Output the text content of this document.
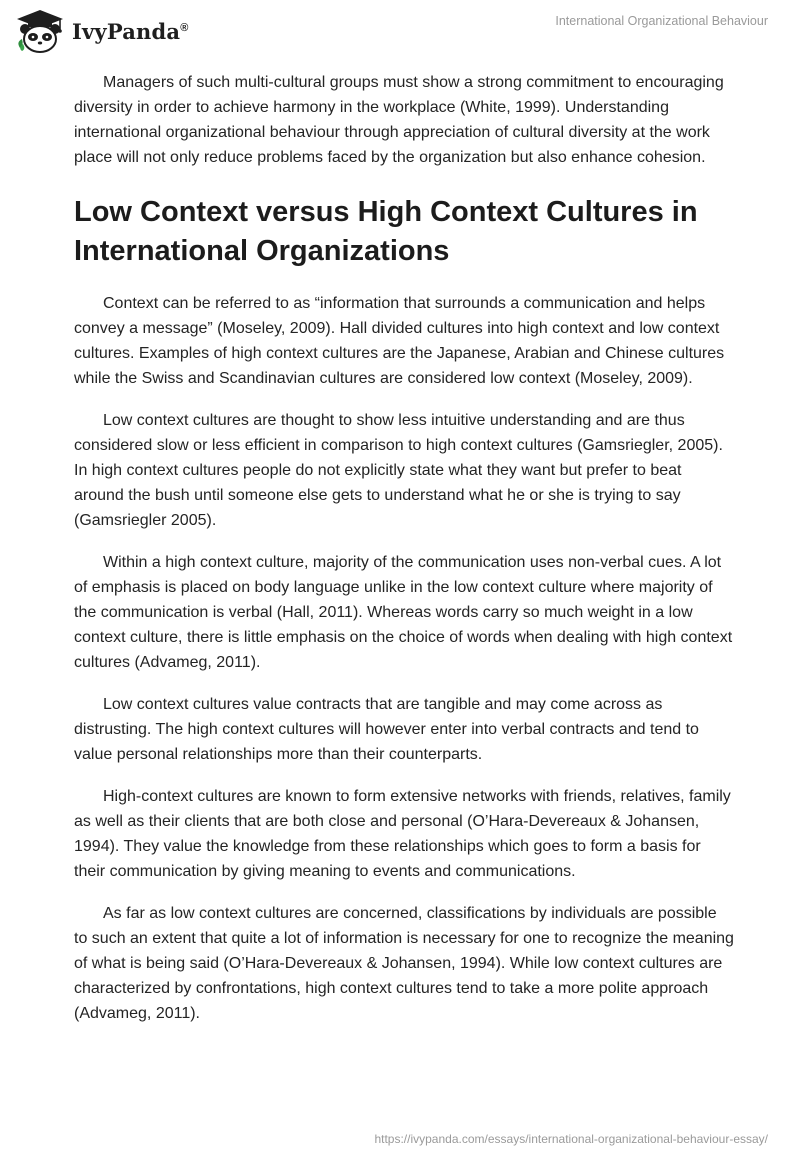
IvyPanda®	International Organizational Behaviour

Managers of such multi-cultural groups must show a strong commitment to encouraging diversity in order to achieve harmony in the workplace (White, 1999). Understanding international organizational behaviour through appreciation of cultural diversity at the work place will not only reduce problems faced by the organization but also enhance cohesion.

Low Context versus High Context Cultures in International Organizations

Context can be referred to as “information that surrounds a communication and helps convey a message” (Moseley, 2009). Hall divided cultures into high context and low context cultures. Examples of high context cultures are the Japanese, Arabian and Chinese cultures while the Swiss and Scandinavian cultures are considered low context (Moseley, 2009).

Low context cultures are thought to show less intuitive understanding and are thus considered slow or less efficient in comparison to high context cultures (Gamsriegler, 2005). In high context cultures people do not explicitly state what they want but prefer to beat around the bush until someone else gets to understand what he or she is trying to say (Gamsriegler 2005).

Within a high context culture, majority of the communication uses non-verbal cues. A lot of emphasis is placed on body language unlike in the low context culture where majority of the communication is verbal (Hall, 2011). Whereas words carry so much weight in a low context culture, there is little emphasis on the choice of words when dealing with high context cultures (Advameg, 2011).

Low context cultures value contracts that are tangible and may come across as distrusting. The high context cultures will however enter into verbal contracts and tend to value personal relationships more than their counterparts.

High-context cultures are known to form extensive networks with friends, relatives, family as well as their clients that are both close and personal (O’Hara-Devereaux & Johansen, 1994). They value the knowledge from these relationships which goes to form a basis for their communication by giving meaning to events and communications.

As far as low context cultures are concerned, classifications by individuals are possible to such an extent that quite a lot of information is necessary for one to recognize the meaning of what is being said (O’Hara-Devereaux & Johansen, 1994). While low context cultures are characterized by confrontations, high context cultures tend to take a more polite approach (Advameg, 2011).

https://ivypanda.com/essays/international-organizational-behaviour-essay/
